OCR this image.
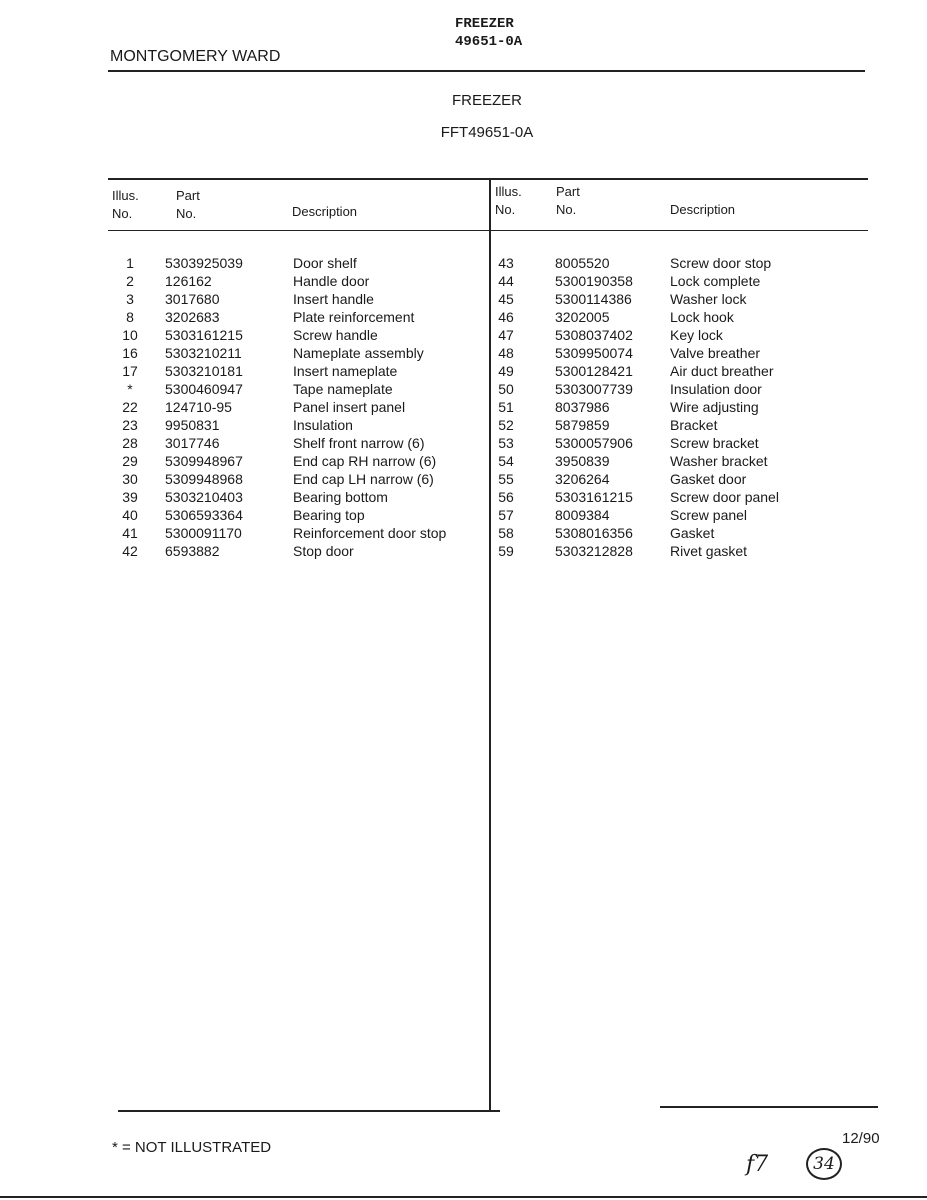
FREEZER
49651-0A
MONTGOMERY WARD
FREEZER
FFT49651-0A
Illus.
No.
Part
No.	Description
Illus.
No.
Part
No.	Description
1	5303925039	Door shelf
2	126162	Handle door
3	3017680	Insert handle
8	3202683	Plate reinforcement
10	5303161215	Screw handle
16	5303210211	Nameplate assembly
17	5303210181	Insert nameplate
*	5300460947	Tape nameplate
22	124710-95	Panel insert panel
23	9950831	Insulation
28	3017746	Shelf front narrow (6)
29	5309948967	End cap RH narrow (6)
30	5309948968	End cap LH narrow (6)
39	5303210403	Bearing bottom
40	5306593364	Bearing top
41	5300091170	Reinforcement door stop
42	6593882	Stop door
43	8005520	Screw door stop
44	5300190358	Lock complete
45	5300114386	Washer lock
46	3202005	Lock hook
47	5308037402	Key lock
48	5309950074	Valve breather
49	5300128421	Air duct breather
50	5303007739	Insulation door
51	8037986	Wire adjusting
52	5879859	Bracket
53	5300057906	Screw bracket
54	3950839	Washer bracket
55	3206264	Gasket door
56	5303161215	Screw door panel
57	8009384	Screw panel
58	5308016356	Gasket
59	5303212828	Rivet gasket
* = NOT ILLUSTRATED
12/90
f7	34
